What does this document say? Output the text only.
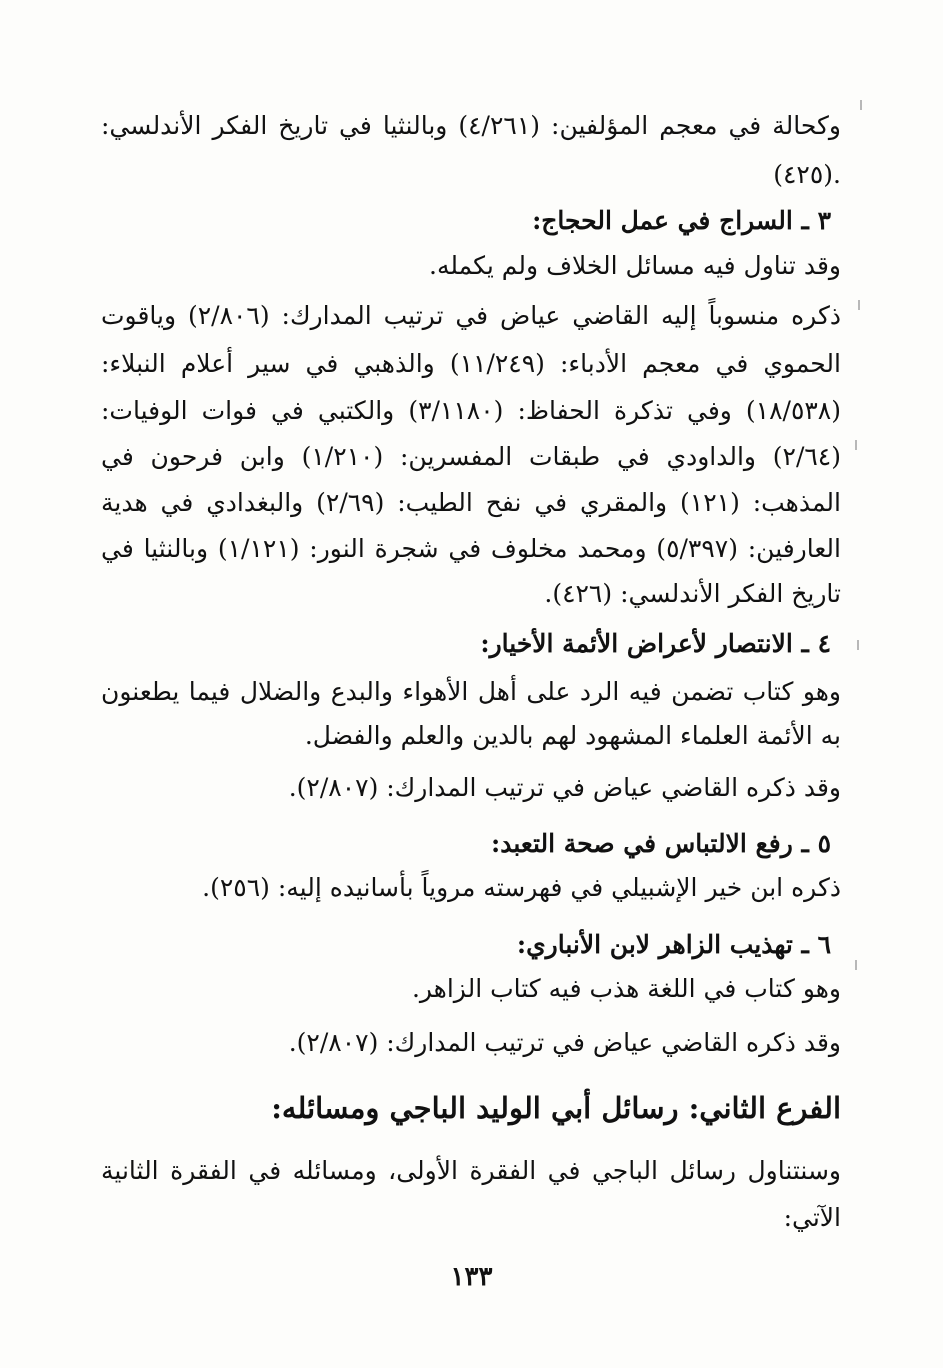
وكحالة في معجم المؤلفين: (٤/٢٦١) وبالنثيا في تاريخ الفكر الأندلسي:
(٤٢٥).
٣ ـ السراج في عمل الحجاج:
وقد تناول فيه مسائل الخلاف ولم يكمله.
ذكره منسوباً إليه القاضي عياض في ترتيب المدارك: (٢/٨٠٦) وياقوت
الحموي في معجم الأدباء: (١١/٢٤٩) والذهبي في سير أعلام النبلاء:
(١٨/٥٣٨) وفي تذكرة الحفاظ: (٣/١١٨٠) والكتبي في فوات الوفيات:
(٢/٦٤) والداودي في طبقات المفسرين: (١/٢١٠) وابن فرحون في
المذهب: (١٢١) والمقري في نفح الطيب: (٢/٦٩) والبغدادي في هدية
العارفين: (٥/٣٩٧) ومحمد مخلوف في شجرة النور: (١/١٢١) وبالنثيا في
تاريخ الفكر الأندلسي: (٤٢٦).
٤ ـ الانتصار لأعراض الأئمة الأخيار:
وهو كتاب تضمن فيه الرد على أهل الأهواء والبدع والضلال فيما يطعنون
به الأئمة العلماء المشهود لهم بالدين والعلم والفضل.
وقد ذكره القاضي عياض في ترتيب المدارك: (٢/٨٠٧).
٥ ـ رفع الالتباس في صحة التعبد:
ذكره ابن خير الإشبيلي في فهرسته مروياً بأسانيده إليه: (٢٥٦).
٦ ـ تهذيب الزاهر لابن الأنباري:
وهو كتاب في اللغة هذب فيه كتاب الزاهر.
وقد ذكره القاضي عياض في ترتيب المدارك: (٢/٨٠٧).
الفرع الثاني: رسائل أبي الوليد الباجي ومسائله:
وسنتناول رسائل الباجي في الفقرة الأولى، ومسائله في الفقرة الثانية
الآتي:
١٣٣
